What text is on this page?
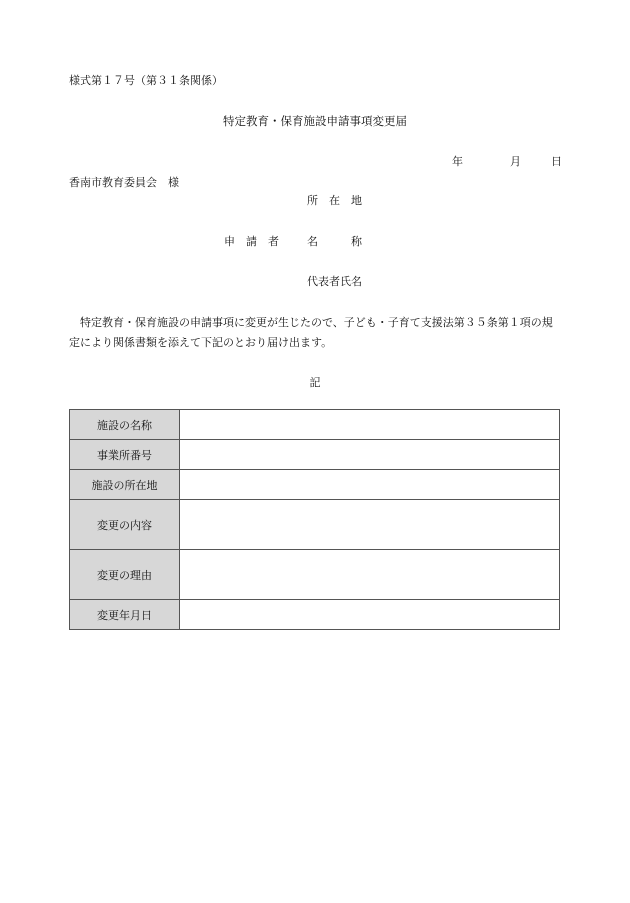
様式第１７号（第３１条関係）
特定教育・保育施設申請事項変更届
年	月	日
香南市教育委員会　様
所　在　地
申　請　者	名　　　称
代表者氏名
　特定教育・保育施設の申請事項に変更が生じたので、子ども・子育て支援法第３５条第１項の規定により関係書類を添えて下記のとおり届け出ます。
記
施設の名称	
事業所番号	
施設の所在地	
変更の内容	
変更の理由	
変更年月日	
